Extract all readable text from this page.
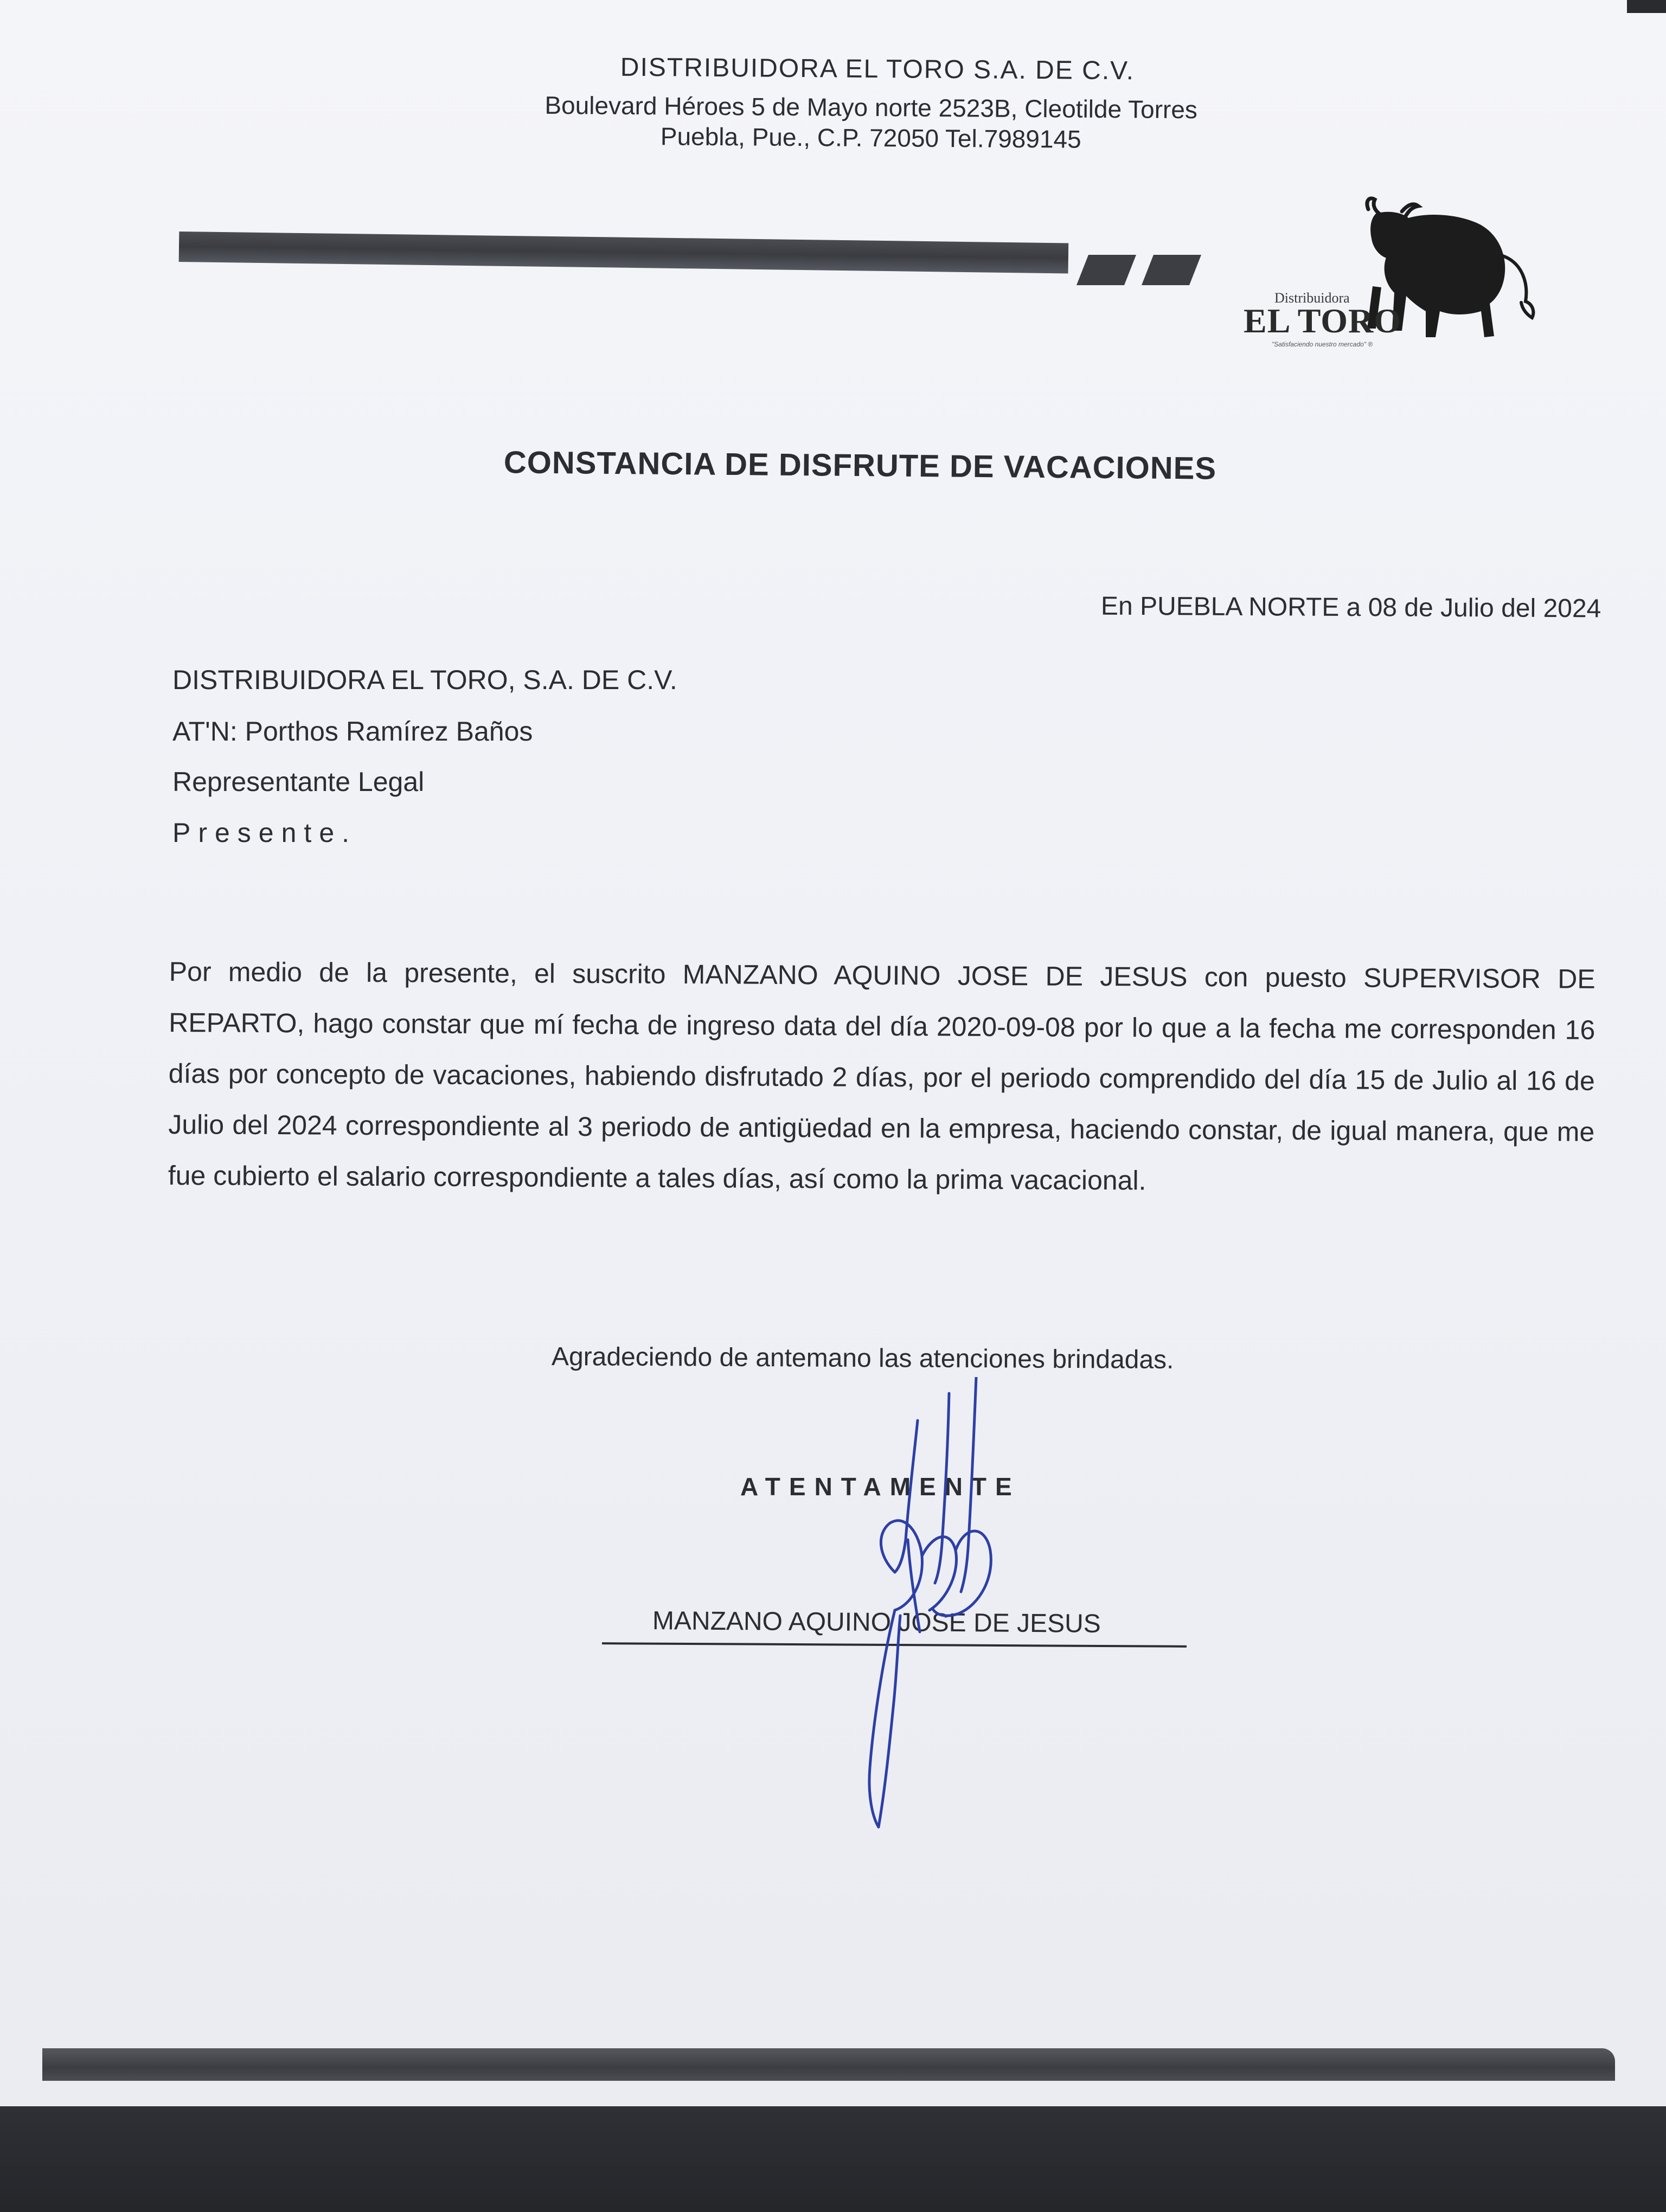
DISTRIBUIDORA EL TORO S.A. DE C.V.
Boulevard Héroes 5 de Mayo norte 2523B, Cleotilde Torres
Puebla, Pue., C.P. 72050 Tel.7989145
Distribuidora
EL TORO
"Satisfaciendo nuestro mercado" ®
CONSTANCIA DE DISFRUTE DE VACACIONES
En PUEBLA NORTE a 08 de Julio del 2024
DISTRIBUIDORA EL TORO, S.A. DE C.V.
AT'N: Porthos Ramírez Baños
Representante Legal
Presente.
Por medio de la presente, el suscrito MANZANO AQUINO JOSE DE JESUS con puesto SUPERVISOR DE REPARTO, hago constar que mí fecha de ingreso data del día 2020-09-08 por lo que a la fecha me corresponden 16 días por concepto de vacaciones, habiendo disfrutado 2 días, por el periodo comprendido del día 15 de Julio al 16 de Julio del 2024 correspondiente al 3 periodo de antigüedad en la empresa, haciendo constar, de igual manera, que me fue cubierto el salario correspondiente a tales días, así como la prima vacacional.
Agradeciendo de antemano las atenciones brindadas.
ATENTAMENTE
MANZANO AQUINO JOSE DE JESUS
